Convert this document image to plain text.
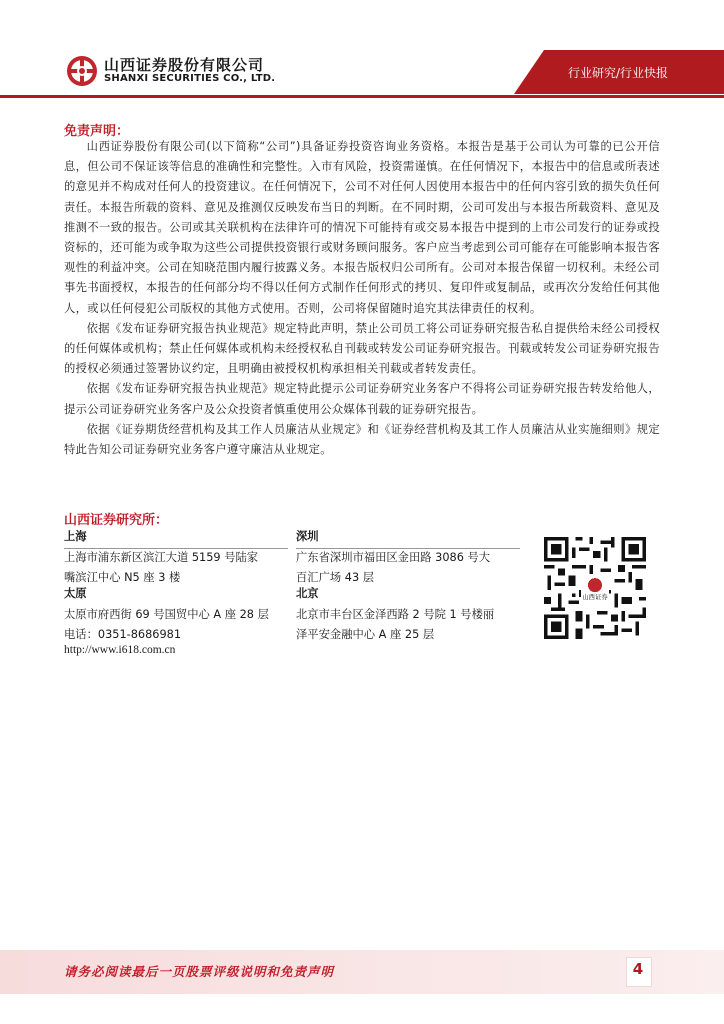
山西证券股份有限公司
SHANXI SECURITIES CO., LTD.	行业研究/行业快报
免责声明：

山西证券股份有限公司(以下简称“公司”)具备证券投资咨询业务资格。本报告是基于公司认为可靠的已公开信息，但公司不保证该等信息的准确性和完整性。入市有风险，投资需谨慎。在任何情况下，本报告中的信息或所表述的意见并不构成对任何人的投资建议。在任何情况下，公司不对任何人因使用本报告中的任何内容引致的损失负任何责任。本报告所载的资料、意见及推测仅反映发布当日的判断。在不同时期，公司可发出与本报告所载资料、意见及推测不一致的报告。公司或其关联机构在法律许可的情况下可能持有或交易本报告中提到的上市公司发行的证券或投资标的，还可能为或争取为这些公司提供投资银行或财务顾问服务。客户应当考虑到公司可能存在可能影响本报告客观性的利益冲突。公司在知晓范围内履行披露义务。本报告版权归公司所有。公司对本报告保留一切权利。未经公司事先书面授权，本报告的任何部分均不得以任何方式制作任何形式的拷贝、复印件或复制品，或再次分发给任何其他人，或以任何侵犯公司版权的其他方式使用。否则，公司将保留随时追究其法律责任的权利。

依据《发布证券研究报告执业规范》规定特此声明，禁止公司员工将公司证券研究报告私自提供给未经公司授权的任何媒体或机构；禁止任何媒体或机构未经授权私自刊载或转发公司证券研究报告。刊载或转发公司证券研究报告的授权必须通过签署协议约定，且明确由被授权机构承担相关刊载或者转发责任。

依据《发布证券研究报告执业规范》规定特此提示公司证券研究业务客户不得将公司证券研究报告转发给他人，提示公司证券研究业务客户及公众投资者慎重使用公众媒体刊载的证券研究报告。

依据《证券期货经营机构及其工作人员廉洁从业规定》和《证券经营机构及其工作人员廉洁从业实施细则》规定特此告知公司证券研究业务客户遵守廉洁从业规定。

山西证券研究所：
上海
上海市浦东新区滨江大道 5159 号陆家
嘴滨江中心 N5 座 3 楼
深圳
广东省深圳市福田区金田路 3086 号大
百汇广场 43 层
太原
太原市府西街 69 号国贸中心 A 座 28 层
电话：0351-8686981
北京
北京市丰台区金泽西路 2 号院 1 号楼丽
泽平安金融中心 A 座 25 层
http://www.i618.com.cn
山西证券
请务必阅读最后一页股票评级说明和免责声明	4
